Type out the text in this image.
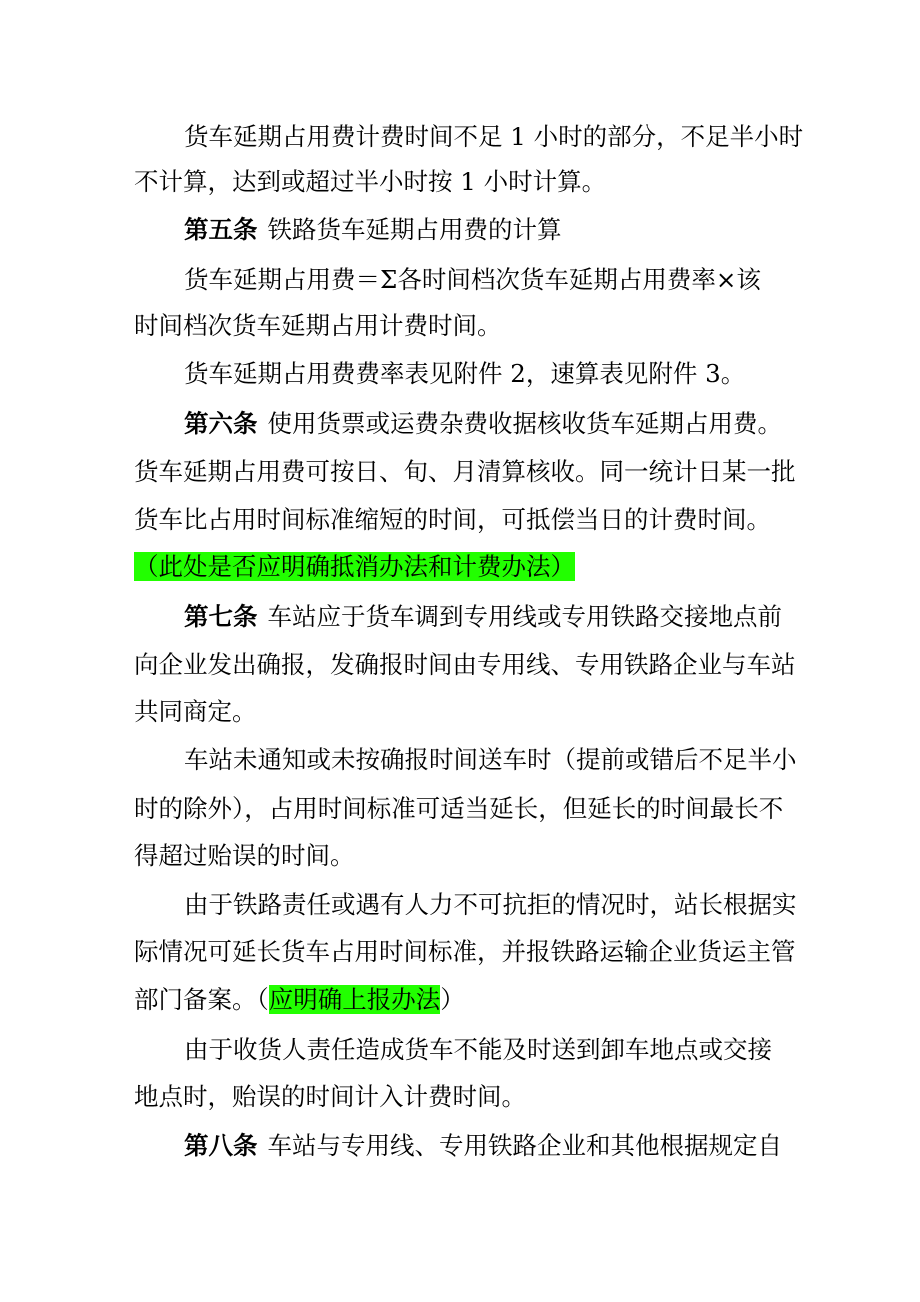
货车延期占用费计费时间不足 1 小时的部分，不足半小时
不计算，达到或超过半小时按 1 小时计算。
第五条 铁路货车延期占用费的计算
货车延期占用费＝Σ各时间档次货车延期占用费率×该
时间档次货车延期占用计费时间。
货车延期占用费费率表见附件 2，速算表见附件 3。
第六条 使用货票或运费杂费收据核收货车延期占用费。
货车延期占用费可按日、旬、月清算核收。同一统计日某一批
货车比占用时间标准缩短的时间，可抵偿当日的计费时间。
（此处是否应明确抵消办法和计费办法）
第七条 车站应于货车调到专用线或专用铁路交接地点前
向企业发出确报，发确报时间由专用线、专用铁路企业与车站
共同商定。
车站未通知或未按确报时间送车时（提前或错后不足半小
时的除外），占用时间标准可适当延长，但延长的时间最长不
得超过贻误的时间。
由于铁路责任或遇有人力不可抗拒的情况时，站长根据实
际情况可延长货车占用时间标准，并报铁路运输企业货运主管
部门备案。（应明确上报办法）
由于收货人责任造成货车不能及时送到卸车地点或交接
地点时，贻误的时间计入计费时间。
第八条 车站与专用线、专用铁路企业和其他根据规定自
